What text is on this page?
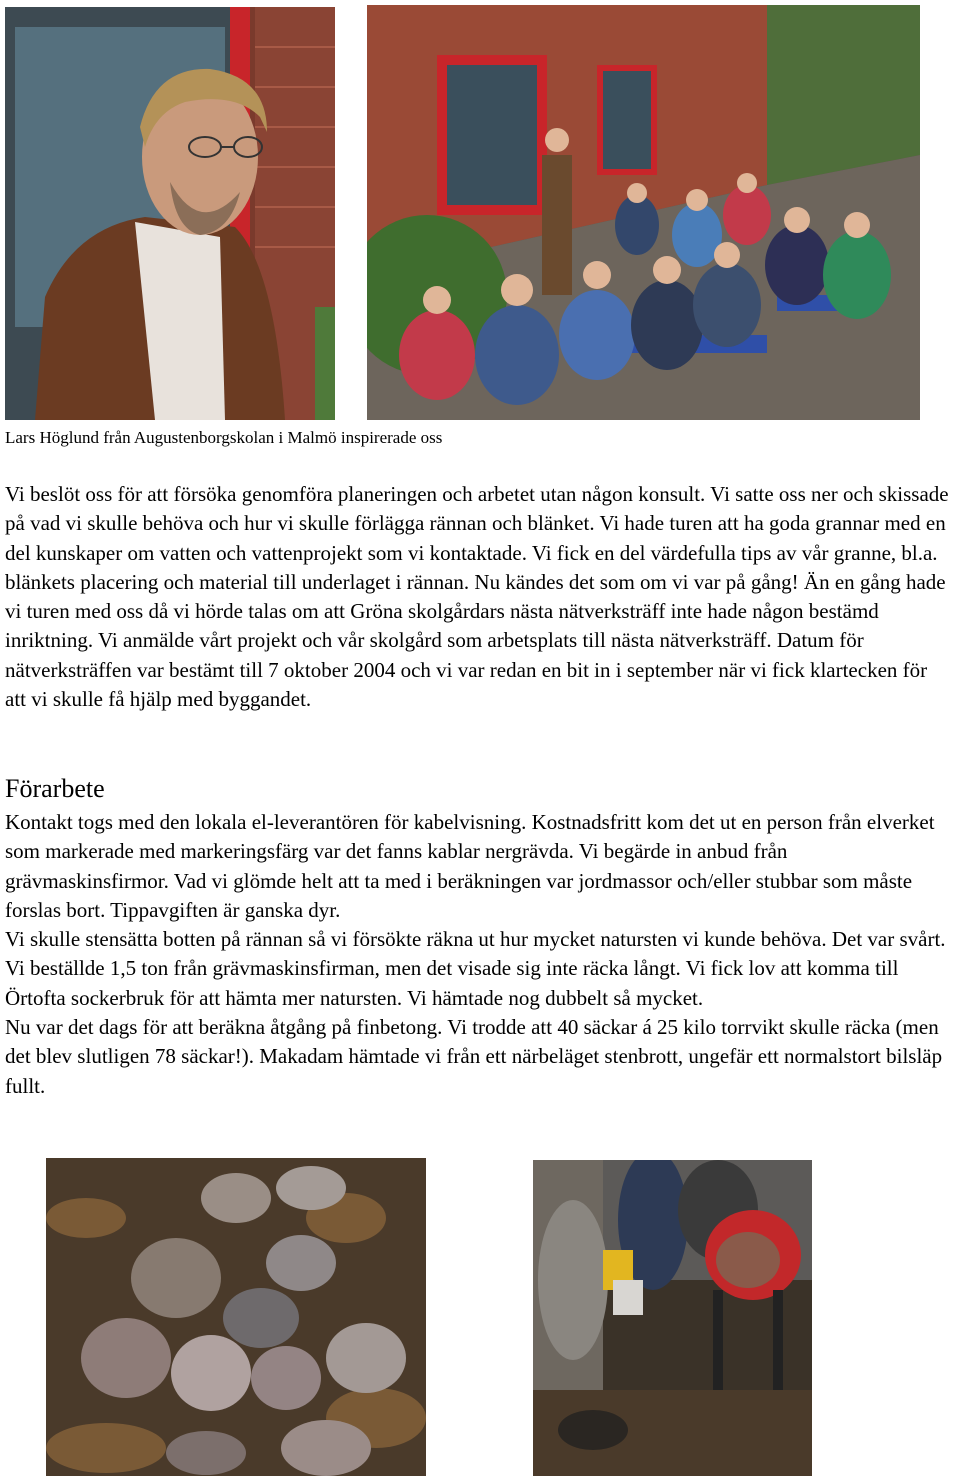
Lars Höglund från Augustenborgskolan i Malmö inspirerade oss

Vi beslöt oss för att försöka genomföra planeringen och arbetet utan någon konsult. Vi satte oss ner och skissade på vad vi skulle behöva och hur vi skulle förlägga rännan och blänket. Vi hade turen att ha goda grannar med en del kunskaper om vatten och vattenprojekt som vi kontaktade. Vi fick en del värdefulla tips av vår granne, bl.a. blänkets placering och material till underlaget i rännan. Nu kändes det som om vi var på gång! Än en gång hade vi turen med oss då vi hörde talas om att Gröna skolgårdars nästa nätverksträff inte hade någon bestämd inriktning. Vi anmälde vårt projekt och vår skolgård som arbetsplats till nästa nätverksträff. Datum för nätverksträffen var bestämt till 7 oktober 2004 och vi var redan en bit in i september när vi fick klartecken för att vi skulle få hjälp med byggandet.

Förarbete

Kontakt togs med den lokala el-leverantören för kabelvisning. Kostnadsfritt kom det ut en person från elverket som markerade med markeringsfärg var det fanns kablar nergrävda. Vi begärde in anbud från grävmaskinsfirmor. Vad vi glömde helt att ta med i beräkningen var jordmassor och/eller stubbar som måste forslas bort. Tippavgiften är ganska dyr.

Vi skulle stensätta botten på rännan så vi försökte räkna ut hur mycket natursten vi kunde behöva. Det var svårt. Vi beställde 1,5 ton från grävmaskinsfirman, men det visade sig inte räcka långt. Vi fick lov att komma till Örtofta sockerbruk för att hämta mer natursten. Vi hämtade nog dubbelt så mycket.

Nu var det dags för att beräkna åtgång på finbetong. Vi trodde att 40 säckar á 25 kilo torrvikt skulle räcka (men det blev slutligen 78 säckar!). Makadam hämtade vi från ett närbeläget stenbrott, ungefär ett normalstort bilsläp fullt.
